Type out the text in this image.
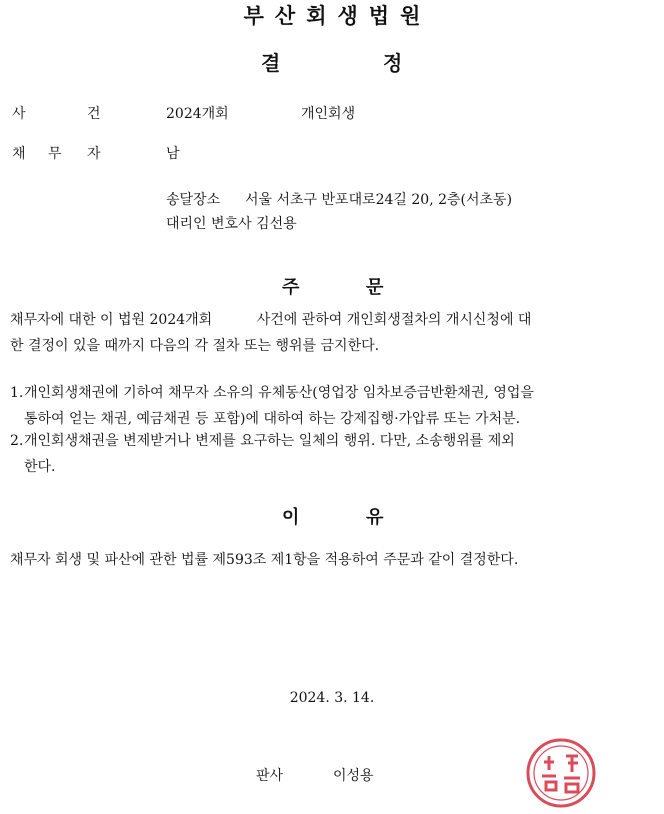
부산회생법원
결	정
사	건	2024개회	개인회생
채 무 자	남
송달장소 서울 서초구 반포대로24길 20, 2층(서초동)
대리인 변호사 김선용
주	문
채무자에 대한 이 법원 2024개회          사건에 관하여 개인회생절차의 개시신청에 대
한 결정이 있을 때까지 다음의 각 절차 또는 행위를 금지한다.
1. 개인회생채권에 기하여 채무자 소유의 유체동산(영업장 임차보증금반환채권, 영업을
통하여 얻는 채권, 예금채권 등 포함)에 대하여 하는 강제집행·가압류 또는 가처분.
2. 개인회생채권을 변제받거나 변제를 요구하는 일체의 행위. 다만, 소송행위를 제외
한다.
이	유
채무자 회생 및 파산에 관한 법률 제593조 제1항을 적용하여 주문과 같이 결정한다.
2024. 3. 14.
판사	이성용
